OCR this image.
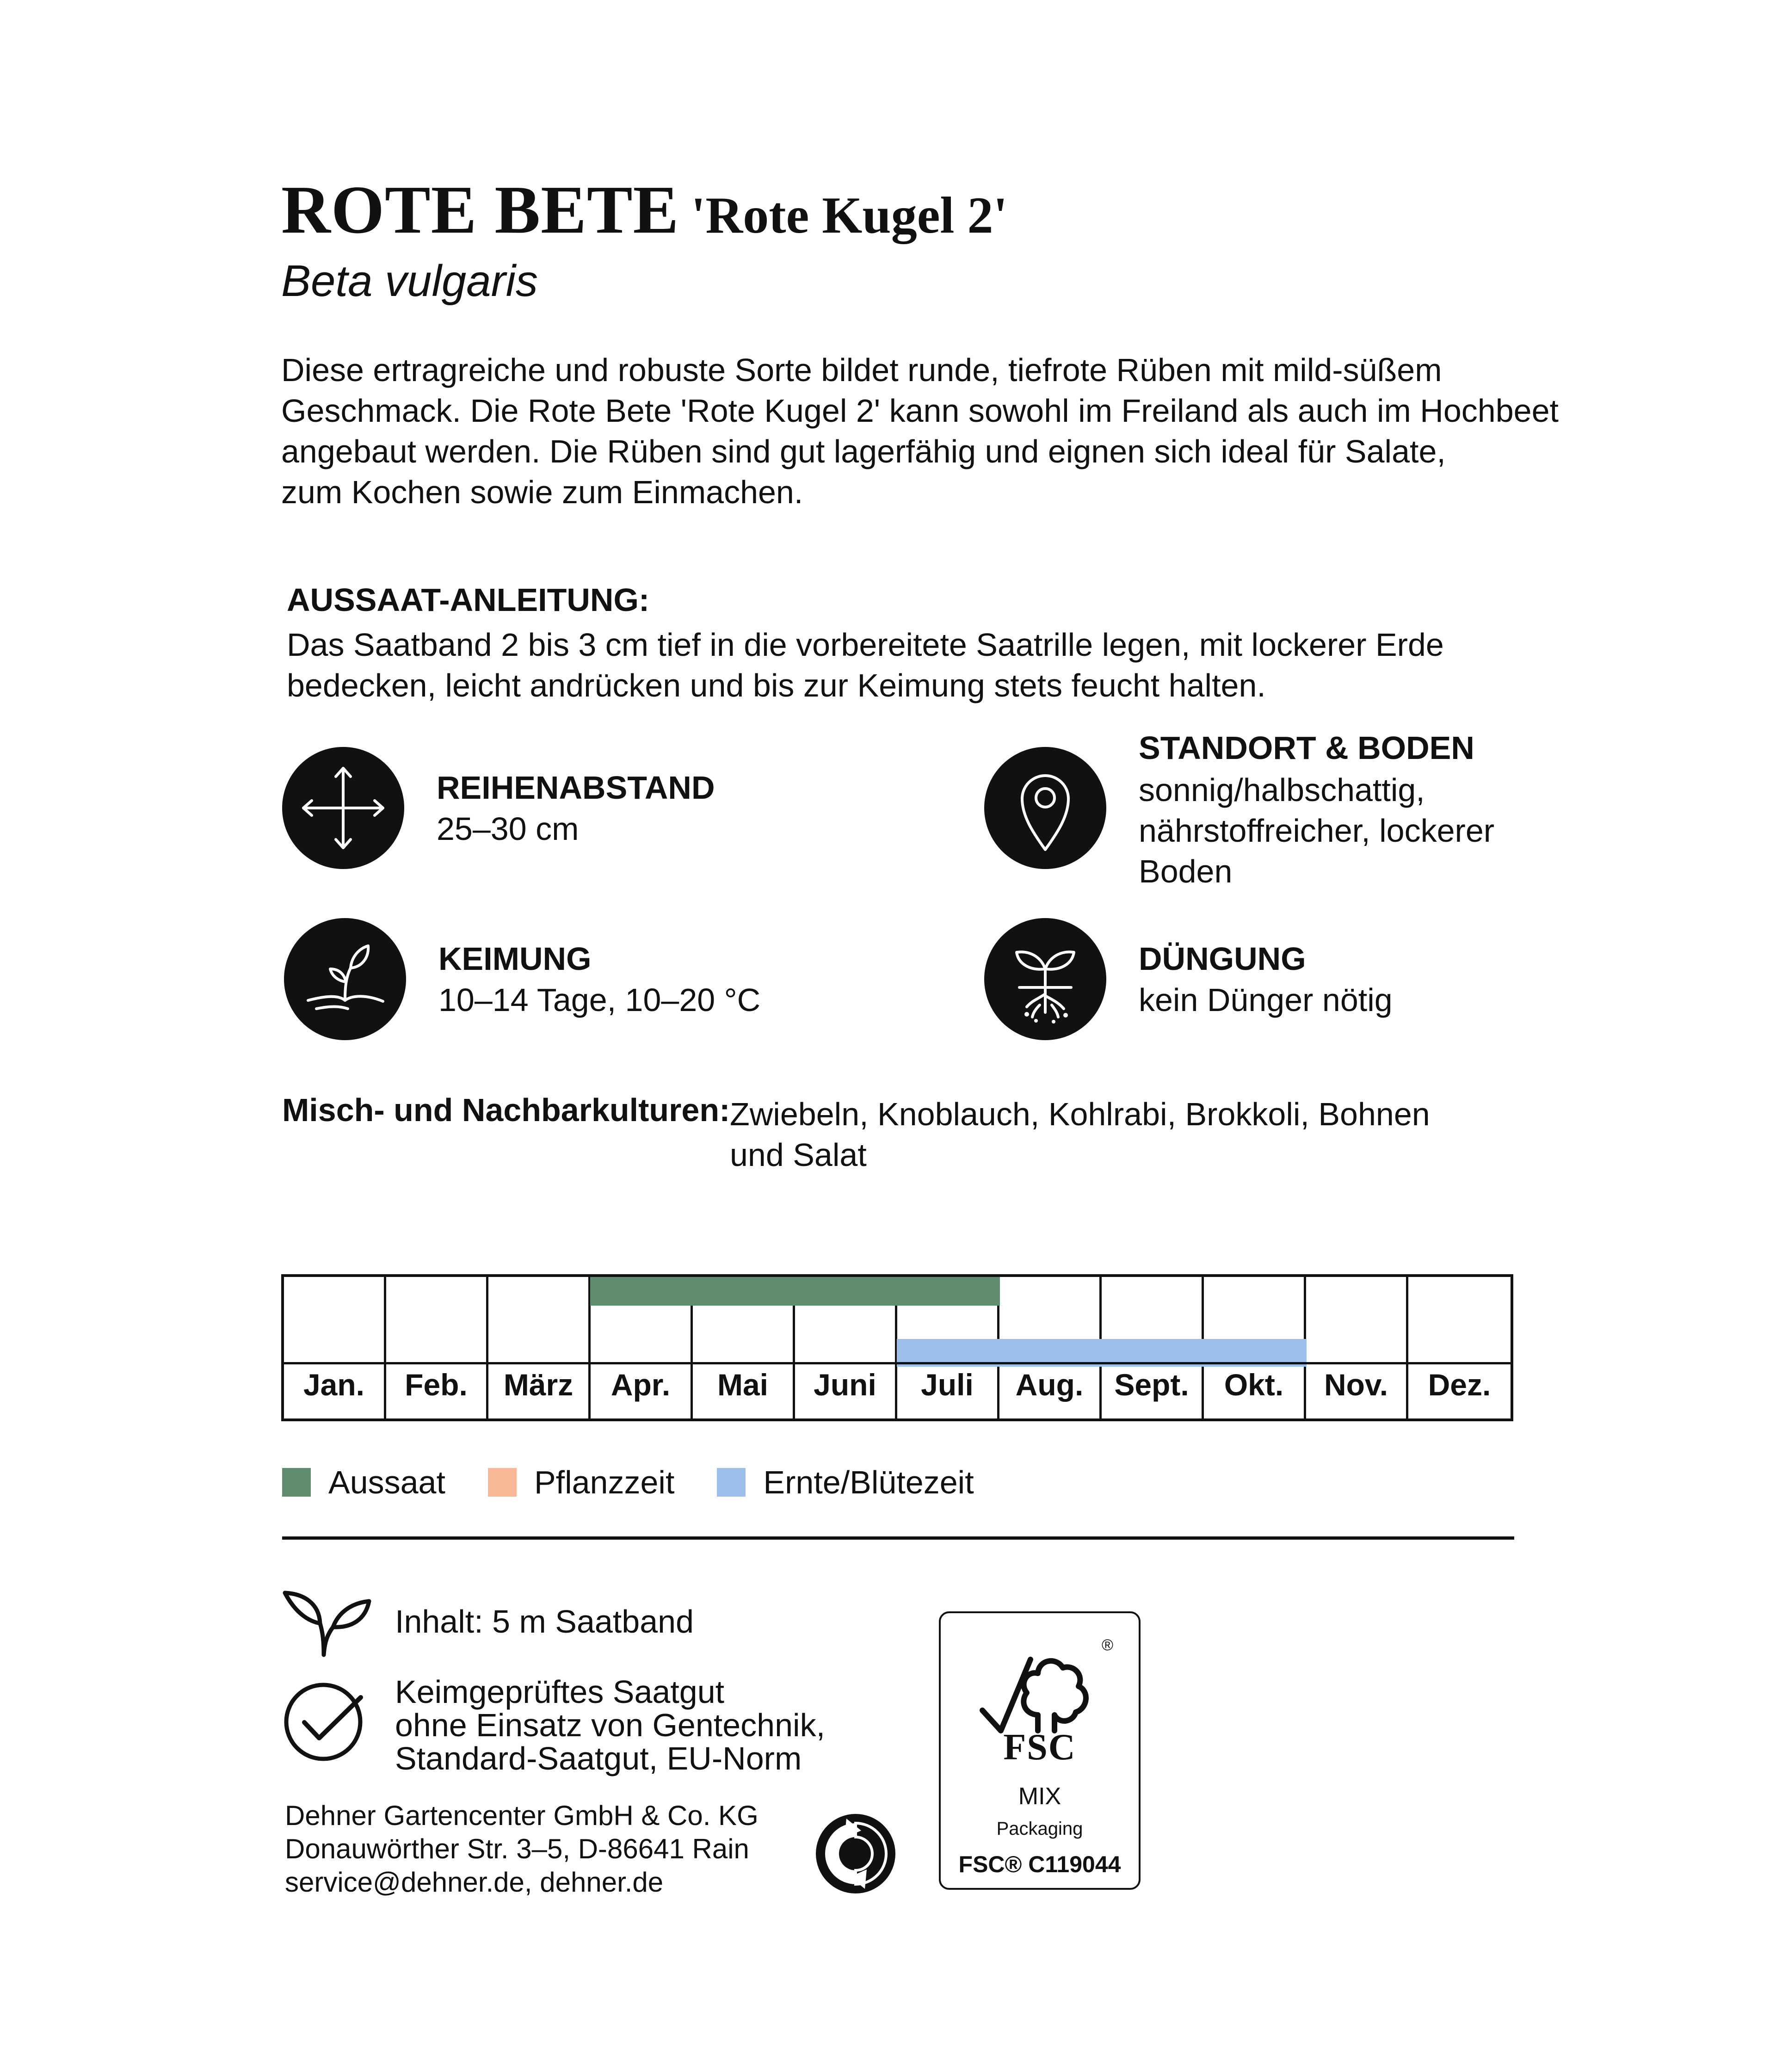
ROTE BETE 'Rote Kugel 2'
Beta vulgaris
Diese ertragreiche und robuste Sorte bildet runde, tiefrote Rüben mit mild-süßem
Geschmack. Die Rote Bete 'Rote Kugel 2' kann sowohl im Freiland als auch im Hochbeet
angebaut werden. Die Rüben sind gut lagerfähig und eignen sich ideal für Salate,
zum Kochen sowie zum Einmachen.
AUSSAAT-ANLEITUNG:
Das Saatband 2 bis 3 cm tief in die vorbereitete Saatrille legen, mit lockerer Erde
bedecken, leicht andrücken und bis zur Keimung stets feucht halten.
REIHENABSTAND
25–30 cm
STANDORT & BODEN
sonnig/halbschattig,
nährstoffreicher, lockerer
Boden
KEIMUNG
10–14 Tage, 10–20 °C
DÜNGUNG
kein Dünger nötig
Misch- und Nachbarkulturen: Zwiebeln, Knoblauch, Kohlrabi, Brokkoli, Bohnen
und Salat
Jan.	Feb.	März	Apr.	Mai	Juni	Juli	Aug.	Sept.	Okt.	Nov.	Dez.
Aussaat	Pflanzzeit	Ernte/Blütezeit
Inhalt: 5 m Saatband
Keimgeprüftes Saatgut
ohne Einsatz von Gentechnik,
Standard-Saatgut, EU-Norm
Dehner Gartencenter GmbH & Co. KG
Donauwörther Str. 3–5, D-86641 Rain
service@dehner.de, dehner.de
®
FSC
MIX
Packaging
FSC® C119044
